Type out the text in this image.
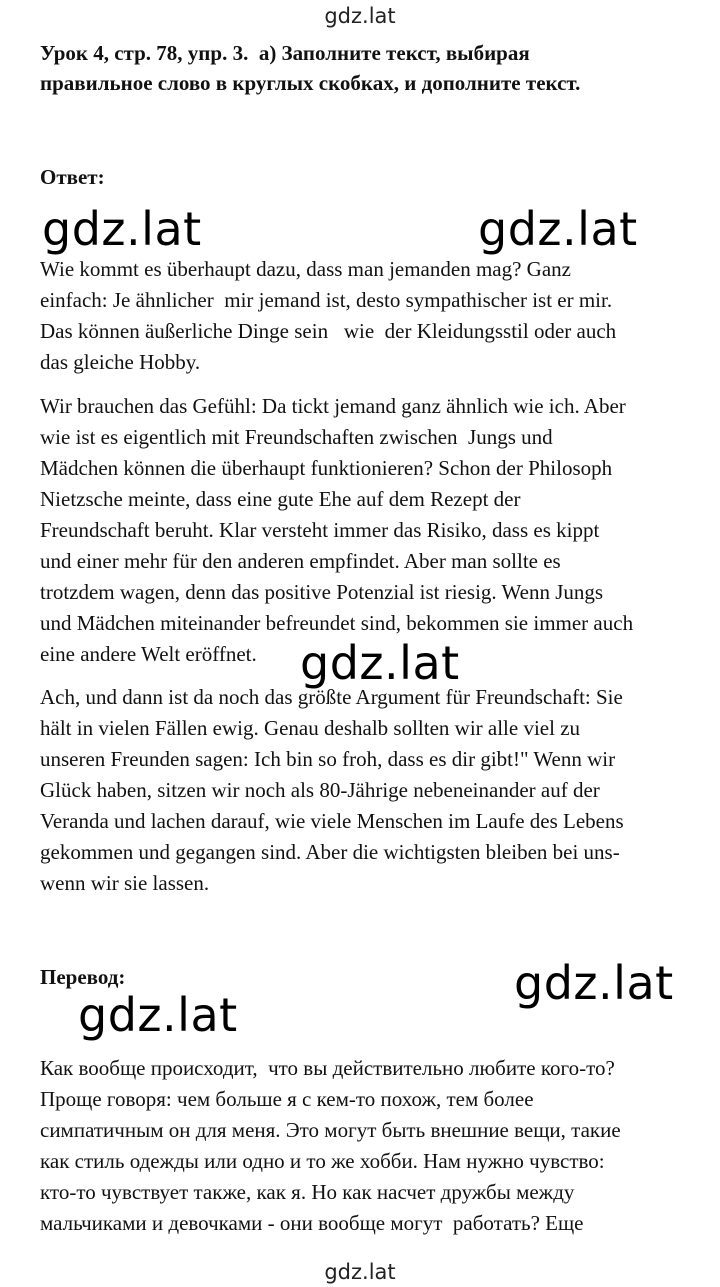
gdz.lat
gdz.lat
Урок 4, стр. 78, упр. 3.  a) Заполните текст, выбирая
правильное слово в круглых скобках, и дополните текст.
Ответ:
gdz.lat	gdz.lat
Wie kommt es überhaupt dazu, dass man jemanden mag? Ganz
einfach: Je ähnlicher  mir jemand ist, desto sympathischer ist er mir.
Das können äußerliche Dinge sein   wie  der Kleidungsstil oder auch
das gleiche Hobby.
Wir brauchen das Gefühl: Da tickt jemand ganz ähnlich wie ich. Aber
wie ist es eigentlich mit Freundschaften zwischen  Jungs und
Mädchen können die überhaupt funktionieren? Schon der Philosoph
Nietzsche meinte, dass eine gute Ehe auf dem Rezept der
Freundschaft beruht. Klar versteht immer das Risiko, dass es kippt
und einer mehr für den anderen empfindet. Aber man sollte es
trotzdem wagen, denn das positive Potenzial ist riesig. Wenn Jungs
und Mädchen miteinander befreundet sind, bekommen sie immer auch
eine andere Welt eröffnet. gdz.lat
Ach, und dann ist da noch das größte Argument für Freundschaft: Sie
hält in vielen Fällen ewig. Genau deshalb sollten wir alle viel zu
unseren Freunden sagen: Ich bin so froh, dass es dir gibt!" Wenn wir
Glück haben, sitzen wir noch als 80-Jährige nebeneinander auf der
Veranda und lachen darauf, wie viele Menschen im Laufe des Lebens
gekommen und gegangen sind. Aber die wichtigsten bleiben bei uns-
wenn wir sie lassen.
Перевод:	gdz.lat
gdz.lat
Как вообще происходит,  что вы действительно любите кого-то?
Проще говоря: чем больше я с кем-то похож, тем более
симпатичным он для меня. Это могут быть внешние вещи, такие
как стиль одежды или одно и то же хобби. Нам нужно чувство:
кто-то чувствует также, как я. Но как насчет дружбы между
мальчиками и девочками - они вообще могут  работать? Еще
